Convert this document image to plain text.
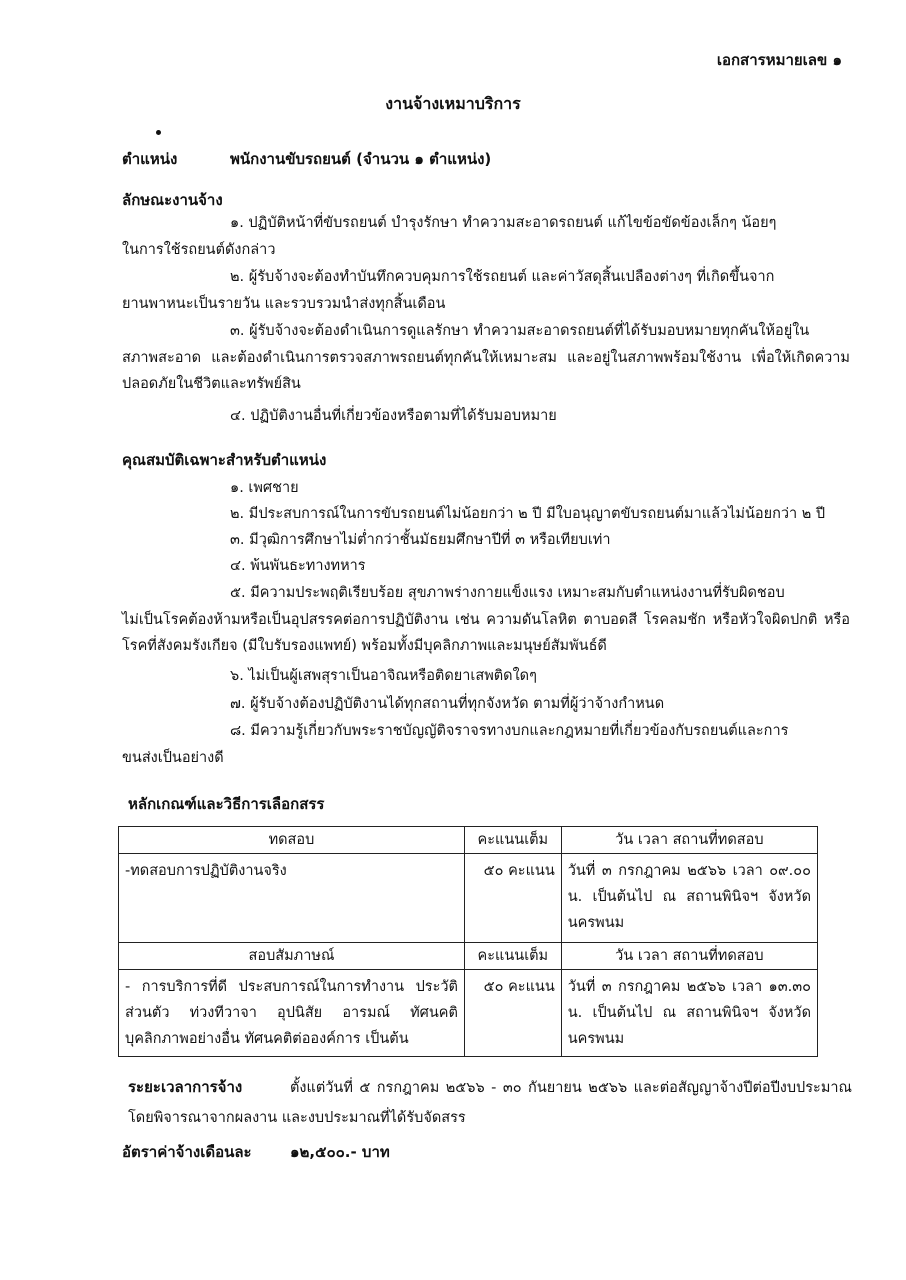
เอกสารหมายเลข ๑
งานจ้างเหมาบริการ
ตำแหน่ง	พนักงานขับรถยนต์ (จำนวน ๑ ตำแหน่ง)
ลักษณะงานจ้าง
๑. ปฏิบัติหน้าที่ขับรถยนต์ บำรุงรักษา ทำความสะอาดรถยนต์ แก้ไขข้อขัดข้องเล็กๆ น้อยๆ
ในการใช้รถยนต์ดังกล่าว
๒. ผู้รับจ้างจะต้องทำบันทึกควบคุมการใช้รถยนต์ และค่าวัสดุสิ้นเปลืองต่างๆ ที่เกิดขึ้นจาก
ยานพาหนะเป็นรายวัน และรวบรวมนำส่งทุกสิ้นเดือน
๓. ผู้รับจ้างจะต้องดำเนินการดูแลรักษา ทำความสะอาดรถยนต์ที่ได้รับมอบหมายทุกคันให้อยู่ใน
สภาพสะอาด และต้องดำเนินการตรวจสภาพรถยนต์ทุกคันให้เหมาะสม และอยู่ในสภาพพร้อมใช้งาน เพื่อให้เกิดความปลอดภัยในชีวิตและทรัพย์สิน
๔. ปฏิบัติงานอื่นที่เกี่ยวข้องหรือตามที่ได้รับมอบหมาย
คุณสมบัติเฉพาะสำหรับตำแหน่ง
๑. เพศชาย
๒. มีประสบการณ์ในการขับรถยนต์ไม่น้อยกว่า ๒ ปี มีใบอนุญาตขับรถยนต์มาแล้วไม่น้อยกว่า ๒ ปี
๓. มีวุฒิการศึกษาไม่ต่ำกว่าชั้นมัธยมศึกษาปีที่ ๓ หรือเทียบเท่า
๔. พ้นพันธะทางทหาร
๕. มีความประพฤติเรียบร้อย สุขภาพร่างกายแข็งแรง เหมาะสมกับตำแหน่งงานที่รับผิดชอบ
ไม่เป็นโรคต้องห้ามหรือเป็นอุปสรรคต่อการปฏิบัติงาน เช่น ความดันโลหิต ตาบอดสี โรคลมชัก หรือหัวใจผิดปกติ หรือโรคที่สังคมรังเกียจ (มีใบรับรองแพทย์) พร้อมทั้งมีบุคลิกภาพและมนุษย์สัมพันธ์ดี
๖. ไม่เป็นผู้เสพสุราเป็นอาจิณหรือติดยาเสพติดใดๆ
๗. ผู้รับจ้างต้องปฏิบัติงานได้ทุกสถานที่ทุกจังหวัด ตามที่ผู้ว่าจ้างกำหนด
๘. มีความรู้เกี่ยวกับพระราชบัญญัติจราจรทางบกและกฎหมายที่เกี่ยวข้องกับรถยนต์และการ
ขนส่งเป็นอย่างดี
หลักเกณฑ์และวิธีการเลือกสรร
ทดสอบ	คะแนนเต็ม	วัน เวลา สถานที่ทดสอบ
-ทดสอบการปฏิบัติงานจริง	๕๐ คะแนน	วันที่ ๓ กรกฎาคม ๒๕๖๖ เวลา ๐๙.๐๐ น. เป็นต้นไป ณ สถานพินิจฯ จังหวัดนครพนม
สอบสัมภาษณ์	คะแนนเต็ม	วัน เวลา สถานที่ทดสอบ
- การบริการที่ดี ประสบการณ์ในการทำงาน ประวัติส่วนตัว ท่วงทีวาจา อุปนิสัย อารมณ์ ทัศนคติ บุคลิกภาพอย่างอื่น ทัศนคติต่อองค์การ เป็นต้น	๕๐ คะแนน	วันที่ ๓ กรกฎาคม ๒๕๖๖ เวลา ๑๓.๓๐ น. เป็นต้นไป ณ สถานพินิจฯ จังหวัดนครพนม
ระยะเวลาการจ้าง	ตั้งแต่วันที่ ๕ กรกฎาคม ๒๕๖๖ - ๓๐ กันยายน ๒๕๖๖ และต่อสัญญาจ้างปีต่อปีงบประมาณ โดยพิจารณาจากผลงาน และงบประมาณที่ได้รับจัดสรร
อัตราค่าจ้างเดือนละ	๑๒,๕๐๐.- บาท
